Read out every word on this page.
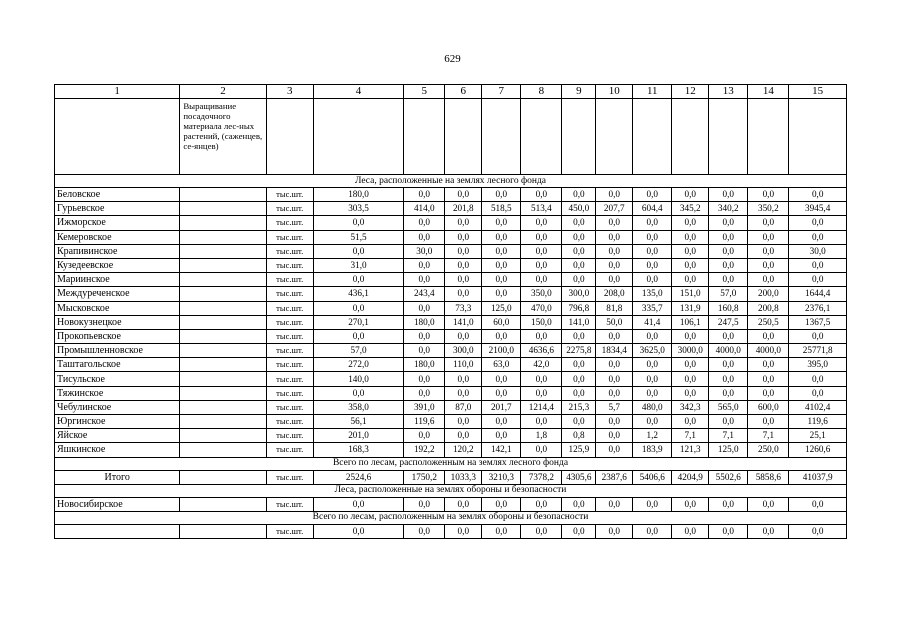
629
1	2	3	4	5	6	7	8	9	10	11	12	13	14	15
	Выращивание посадочного материала лес-ных растений, (саженцев, се-янцев)													
Леса, расположенные на землях лесного фонда														
Беловское		тыс.шт.	180,0	0,0	0,0	0,0	0,0	0,0	0,0	0,0	0,0	0,0	0,0	0,0
Гурьевское		тыс.шт.	303,5	414,0	201,8	518,5	513,4	450,0	207,7	604,4	345,2	340,2	350,2	3945,4
Ижморское		тыс.шт.	0,0	0,0	0,0	0,0	0,0	0,0	0,0	0,0	0,0	0,0	0,0	0,0
Кемеровское		тыс.шт.	51,5	0,0	0,0	0,0	0,0	0,0	0,0	0,0	0,0	0,0	0,0	0,0
Крапивинское		тыс.шт.	0,0	30,0	0,0	0,0	0,0	0,0	0,0	0,0	0,0	0,0	0,0	30,0
Кузедеевское		тыс.шт.	31,0	0,0	0,0	0,0	0,0	0,0	0,0	0,0	0,0	0,0	0,0	0,0
Мариинское		тыс.шт.	0,0	0,0	0,0	0,0	0,0	0,0	0,0	0,0	0,0	0,0	0,0	0,0
Междуреченское		тыс.шт.	436,1	243,4	0,0	0,0	350,0	300,0	208,0	135,0	151,0	57,0	200,0	1644,4
Мысковское		тыс.шт.	0,0	0,0	73,3	125,0	470,0	796,8	81,8	335,7	131,9	160,8	200,8	2376,1
Новокузнецкое		тыс.шт.	270,1	180,0	141,0	60,0	150,0	141,0	50,0	41,4	106,1	247,5	250,5	1367,5
Прокопьевское		тыс.шт.	0,0	0,0	0,0	0,0	0,0	0,0	0,0	0,0	0,0	0,0	0,0	0,0
Промышленновское		тыс.шт.	57,0	0,0	300,0	2100,0	4636,6	2275,8	1834,4	3625,0	3000,0	4000,0	4000,0	25771,8
Таштагольское		тыс.шт.	272,0	180,0	110,0	63,0	42,0	0,0	0,0	0,0	0,0	0,0	0,0	395,0
Тисульское		тыс.шт.	140,0	0,0	0,0	0,0	0,0	0,0	0,0	0,0	0,0	0,0	0,0	0,0
Тяжинское		тыс.шт.	0,0	0,0	0,0	0,0	0,0	0,0	0,0	0,0	0,0	0,0	0,0	0,0
Чебулинское		тыс.шт.	358,0	391,0	87,0	201,7	1214,4	215,3	5,7	480,0	342,3	565,0	600,0	4102,4
Юргинское		тыс.шт.	56,1	119,6	0,0	0,0	0,0	0,0	0,0	0,0	0,0	0,0	0,0	119,6
Яйское		тыс.шт.	201,0	0,0	0,0	0,0	1,8	0,8	0,0	1,2	7,1	7,1	7,1	25,1
Яшкинское		тыс.шт.	168,3	192,2	120,2	142,1	0,0	125,9	0,0	183,9	121,3	125,0	250,0	1260,6
Всего по лесам, расположенным на землях лесного фонда														
Итого		тыс.шт.	2524,6	1750,2	1033,3	3210,3	7378,2	4305,6	2387,6	5406,6	4204,9	5502,6	5858,6	41037,9
Леса, расположенные на землях обороны и безопасности														
Новосибирское		тыс.шт.	0,0	0,0	0,0	0,0	0,0	0,0	0,0	0,0	0,0	0,0	0,0	0,0
Всего по лесам, расположенным на землях обороны и безопасности														
		тыс.шт.	0,0	0,0	0,0	0,0	0,0	0,0	0,0	0,0	0,0	0,0	0,0	0,0
